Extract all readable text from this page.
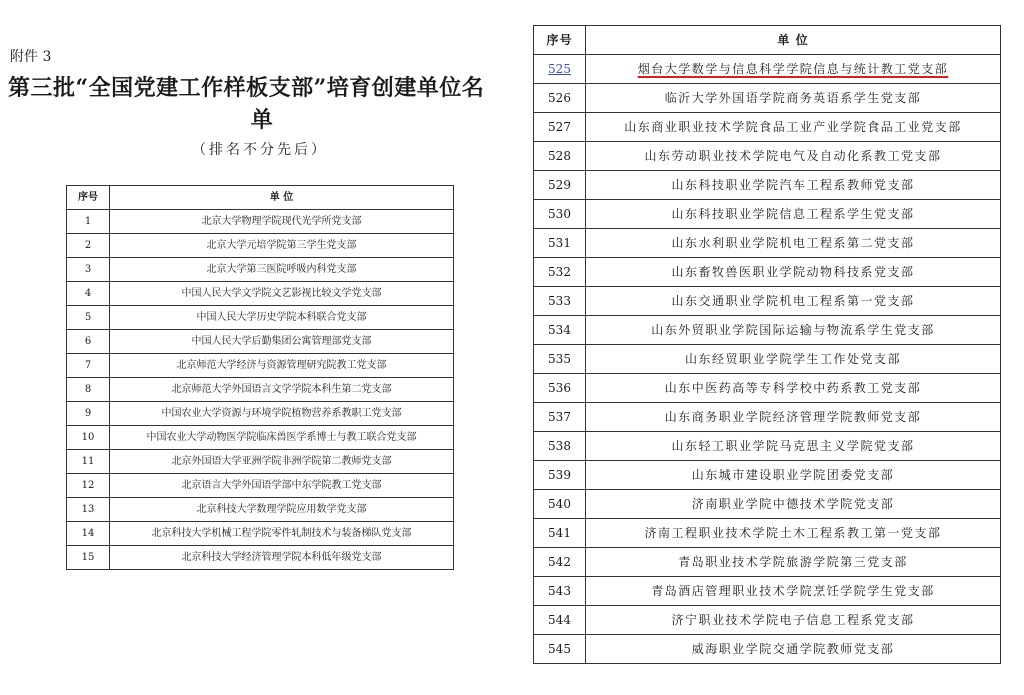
附件 3
第三批“全国党建工作样板支部”培育创建单位名
单
（排名不分先后）
序号	单 位
1	北京大学物理学院现代光学所党支部
2	北京大学元培学院第三学生党支部
3	北京大学第三医院呼吸内科党支部
4	中国人民大学文学院文艺影视比较文学党支部
5	中国人民大学历史学院本科联合党支部
6	中国人民大学后勤集团公寓管理部党支部
7	北京师范大学经济与资源管理研究院教工党支部
8	北京师范大学外国语言文学学院本科生第二党支部
9	中国农业大学资源与环境学院植物营养系教职工党支部
10	中国农业大学动物医学院临床兽医学系博士与教工联合党支部
11	北京外国语大学亚洲学院非洲学院第二教师党支部
12	北京语言大学外国语学部中东学院教工党支部
13	北京科技大学数理学院应用数学党支部
14	北京科技大学机械工程学院零件轧制技术与装备梯队党支部
15	北京科技大学经济管理学院本科低年级党支部
序号	单 位
525	烟台大学数学与信息科学学院信息与统计教工党支部
526	临沂大学外国语学院商务英语系学生党支部
527	山东商业职业技术学院食品工业产业学院食品工业党支部
528	山东劳动职业技术学院电气及自动化系教工党支部
529	山东科技职业学院汽车工程系教师党支部
530	山东科技职业学院信息工程系学生党支部
531	山东水利职业学院机电工程系第二党支部
532	山东畜牧兽医职业学院动物科技系党支部
533	山东交通职业学院机电工程系第一党支部
534	山东外贸职业学院国际运输与物流系学生党支部
535	山东经贸职业学院学生工作处党支部
536	山东中医药高等专科学校中药系教工党支部
537	山东商务职业学院经济管理学院教师党支部
538	山东轻工职业学院马克思主义学院党支部
539	山东城市建设职业学院团委党支部
540	济南职业学院中德技术学院党支部
541	济南工程职业技术学院土木工程系教工第一党支部
542	青岛职业技术学院旅游学院第三党支部
543	青岛酒店管理职业技术学院烹饪学院学生党支部
544	济宁职业技术学院电子信息工程系党支部
545	威海职业学院交通学院教师党支部
